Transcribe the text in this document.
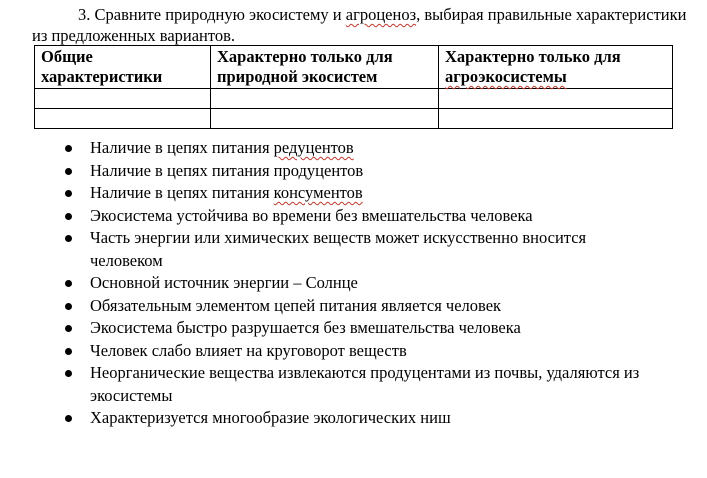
3. Сравните природную экосистему и агроценоз, выбирая правильные характеристики из предложенных вариантов.

Общие характеристики	Характерно только для природной экосистем	Характерно только для агроэкосистемы

Наличие в цепях питания редуцентов
Наличие в цепях питания продуцентов
Наличие в цепях питания консументов
Экосистема устойчива во времени без вмешательства человека
Часть энергии или химических веществ может искусственно вносится человеком
Основной источник энергии – Солнце
Обязательным элементом цепей питания является человек
Экосистема быстро разрушается без вмешательства человека
Человек слабо влияет на круговорот веществ
Неорганические вещества извлекаются продуцентами из почвы, удаляются из экосистемы
Характеризуется многообразие экологических ниш
